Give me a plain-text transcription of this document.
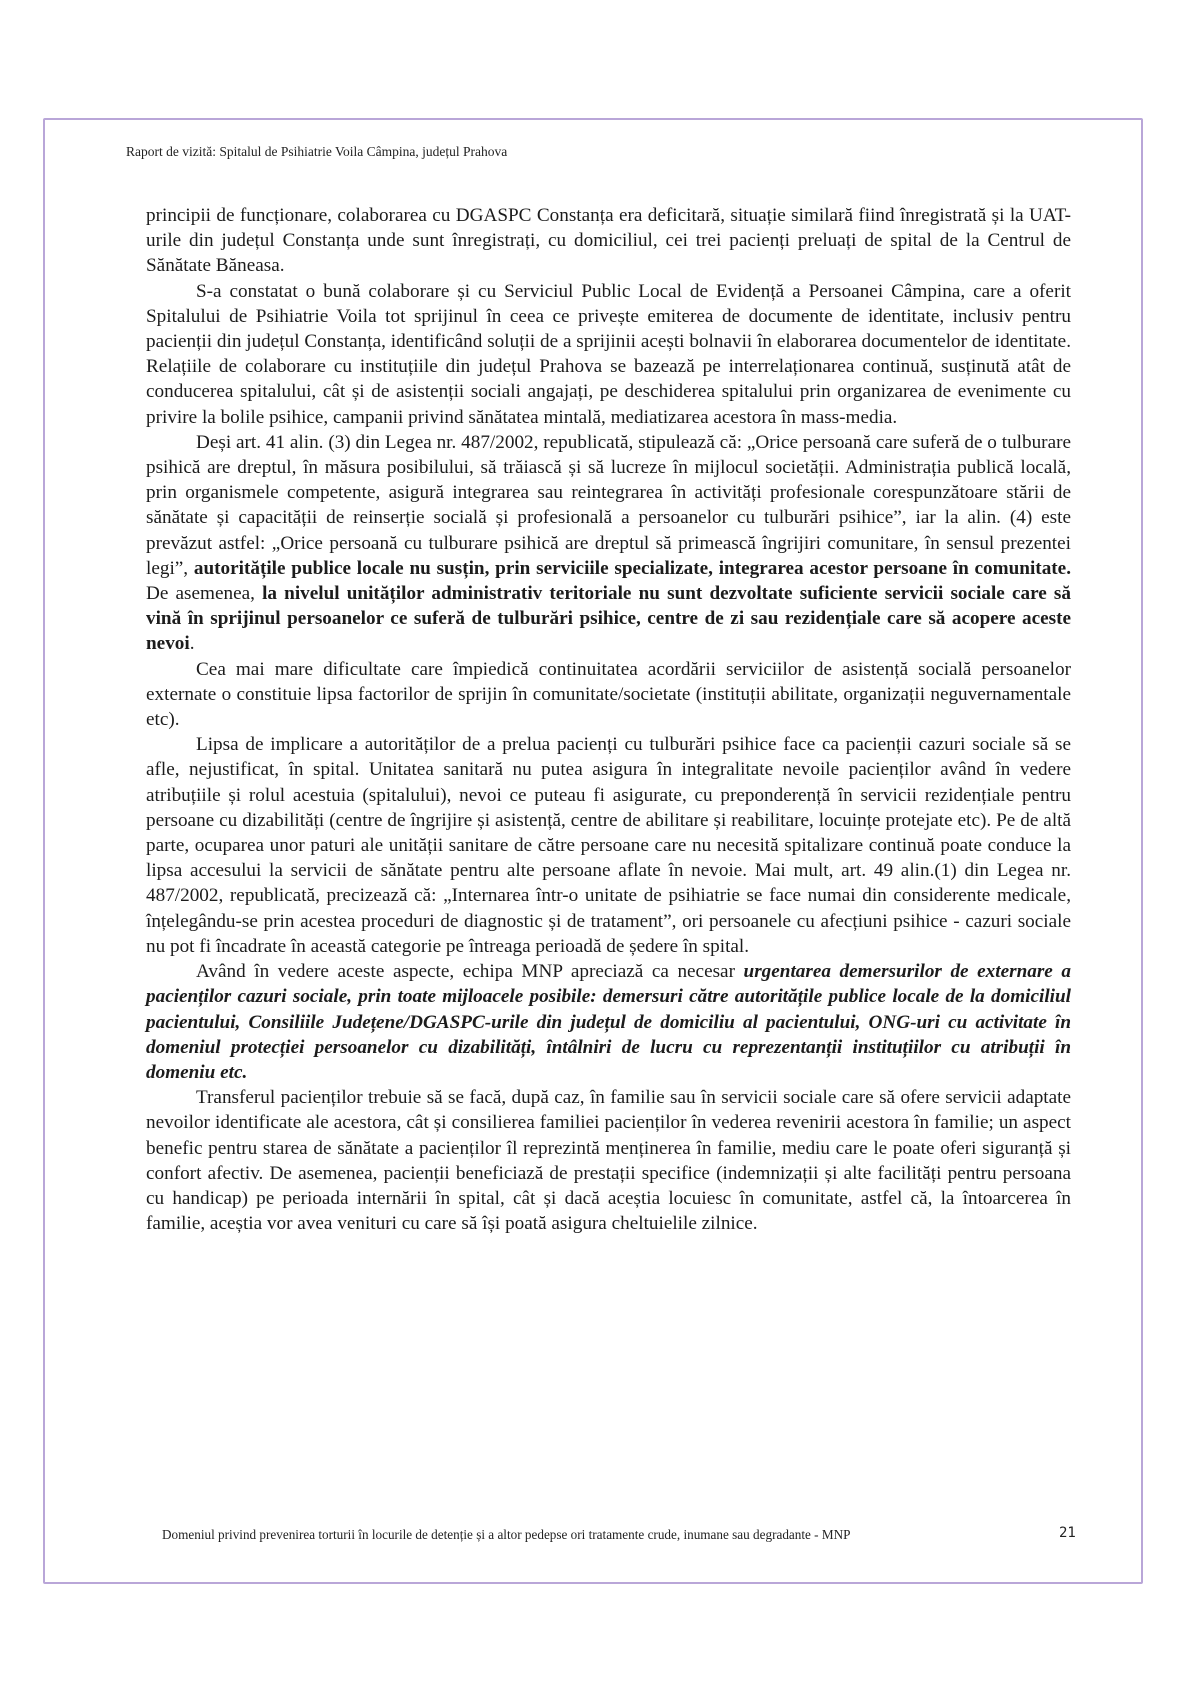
Raport de vizită: Spitalul de Psihiatrie Voila Câmpina, județul Prahova

principii de funcționare, colaborarea cu DGASPC Constanța era deficitară, situație similară fiind înregistrată și la UAT-urile din județul Constanța unde sunt înregistrați, cu domiciliul, cei trei pacienți preluați de spital de la Centrul de Sănătate Băneasa.

S-a constatat o bună colaborare și cu Serviciul Public Local de Evidență a Persoanei Câmpina, care a oferit Spitalului de Psihiatrie Voila tot sprijinul în ceea ce privește emiterea de documente de identitate, inclusiv pentru pacienții din județul Constanța, identificând soluții de a sprijinii acești bolnavii în elaborarea documentelor de identitate. Relațiile de colaborare cu instituțiile din județul Prahova se bazează pe interrelaționarea continuă, susținută atât de conducerea spitalului, cât și de asistenții sociali angajați, pe deschiderea spitalului prin organizarea de evenimente cu privire la bolile psihice, campanii privind sănătatea mintală, mediatizarea acestora în mass-media.

Deși art. 41 alin. (3) din Legea nr. 487/2002, republicată, stipulează că: „Orice persoană care suferă de o tulburare psihică are dreptul, în măsura posibilului, să trăiască și să lucreze în mijlocul societății. Administrația publică locală, prin organismele competente, asigură integrarea sau reintegrarea în activități profesionale corespunzătoare stării de sănătate și capacității de reinserție socială și profesională a persoanelor cu tulburări psihice”, iar la alin. (4) este prevăzut astfel: „Orice persoană cu tulburare psihică are dreptul să primească îngrijiri comunitare, în sensul prezentei legi”, autoritățile publice locale nu susțin, prin serviciile specializate, integrarea acestor persoane în comunitate. De asemenea, la nivelul unităților administrativ teritoriale nu sunt dezvoltate suficiente servicii sociale care să vină în sprijinul persoanelor ce suferă de tulburări psihice, centre de zi sau rezidențiale care să acopere aceste nevoi.

Cea mai mare dificultate care împiedică continuitatea acordării serviciilor de asistență socială persoanelor externate o constituie lipsa factorilor de sprijin în comunitate/societate (instituții abilitate, organizații neguvernamentale etc).

Lipsa de implicare a autorităților de a prelua pacienți cu tulburări psihice face ca pacienții cazuri sociale să se afle, nejustificat, în spital. Unitatea sanitară nu putea asigura în integralitate nevoile pacienților având în vedere atribuțiile și rolul acestuia (spitalului), nevoi ce puteau fi asigurate, cu preponderență în servicii rezidențiale pentru persoane cu dizabilități (centre de îngrijire și asistență, centre de abilitare și reabilitare, locuințe protejate etc). Pe de altă parte, ocuparea unor paturi ale unității sanitare de către persoane care nu necesită spitalizare continuă poate conduce la lipsa accesului la servicii de sănătate pentru alte persoane aflate în nevoie. Mai mult, art. 49 alin.(1) din Legea nr. 487/2002, republicată, precizează că: „Internarea într-o unitate de psihiatrie se face numai din considerente medicale, înțelegându-se prin acestea proceduri de diagnostic și de tratament”, ori persoanele cu afecțiuni psihice - cazuri sociale nu pot fi încadrate în această categorie pe întreaga perioadă de ședere în spital.

Având în vedere aceste aspecte, echipa MNP apreciază ca necesar urgentarea demersurilor de externare a pacienților cazuri sociale, prin toate mijloacele posibile: demersuri către autoritățile publice locale de la domiciliul pacientului, Consiliile Județene/DGASPC-urile din județul de domiciliu al pacientului, ONG-uri cu activitate în domeniul protecției persoanelor cu dizabilități, întâlniri de lucru cu reprezentanții instituțiilor cu atribuții în domeniu etc.

Transferul pacienților trebuie să se facă, după caz, în familie sau în servicii sociale care să ofere servicii adaptate nevoilor identificate ale acestora, cât și consilierea familiei pacienților în vederea revenirii acestora în familie; un aspect benefic pentru starea de sănătate a pacienților îl reprezintă menținerea în familie, mediu care le poate oferi siguranță și confort afectiv. De asemenea, pacienții beneficiază de prestații specifice (indemnizații și alte facilități pentru persoana cu handicap) pe perioada internării în spital, cât și dacă aceștia locuiesc în comunitate, astfel că, la întoarcerea în familie, aceștia vor avea venituri cu care să își poată asigura cheltuielile zilnice.

Domeniul privind prevenirea torturii în locurile de detenție și a altor pedepse ori tratamente crude, inumane sau degradante - MNP	21
